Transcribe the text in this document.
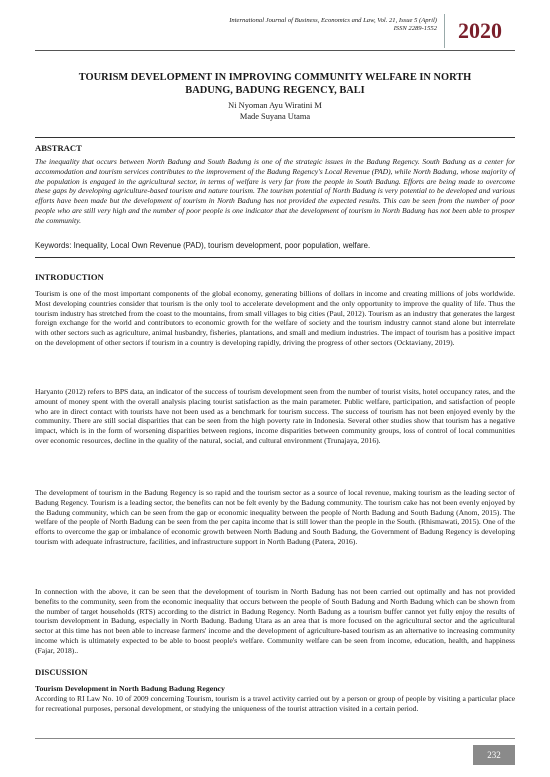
International Journal of Business, Economics and Law, Vol. 21, Issue 5 (April)
ISSN 2289-1552 2020
TOURISM DEVELOPMENT IN IMPROVING COMMUNITY WELFARE IN NORTH BADUNG, BADUNG REGENCY, BALI
Ni Nyoman Ayu Wiratini M
Made Suyana Utama
ABSTRACT
The inequality that occurs between North Badung and South Badung is one of the strategic issues in the Badung Regency. South Badung as a center for accommodation and tourism services contributes to the improvement of the Badung Regency's Local Revenue (PAD), while North Badung, whose majority of the population is engaged in the agricultural sector, in terms of welfare is very far from the people in South Badung. Efforts are being made to overcome these gaps by developing agriculture-based tourism and nature tourism. The tourism potential of North Badung is very potential to be developed and various efforts have been made but the development of tourism in North Badung has not provided the expected results. This can be seen from the number of poor people who are still very high and the number of poor people is one indicator that the development of tourism in North Badung has not been able to prosper the community.
Keywords: Inequality, Local Own Revenue (PAD), tourism development, poor population, welfare.
INTRODUCTION
Tourism is one of the most important components of the global economy, generating billions of dollars in income and creating millions of jobs worldwide. Most developing countries consider that tourism is the only tool to accelerate development and the only opportunity to improve the quality of life. Thus the tourism industry has stretched from the coast to the mountains, from small villages to big cities (Paul, 2012). Tourism as an industry that generates the largest foreign exchange for the world and contributors to economic growth for the welfare of society and the tourism industry cannot stand alone but interrelate with other sectors such as agriculture, animal husbandry, fisheries, plantations, and small and medium industries. The impact of tourism has a positive impact on the development of other sectors if tourism in a country is developing rapidly, driving the progress of other sectors (Ocktaviany, 2019).
Haryanto (2012) refers to BPS data, an indicator of the success of tourism development seen from the number of tourist visits, hotel occupancy rates, and the amount of money spent with the overall analysis placing tourist satisfaction as the main parameter. Public welfare, participation, and satisfaction of people who are in direct contact with tourists have not been used as a benchmark for tourism success. The success of tourism has not been enjoyed evenly by the community. There are still social disparities that can be seen from the high poverty rate in Indonesia. Several other studies show that tourism has a negative impact, which is in the form of worsening disparities between regions, income disparities between community groups, loss of control of local communities over economic resources, decline in the quality of the natural, social, and cultural environment (Trunajaya, 2016).
The development of tourism in the Badung Regency is so rapid and the tourism sector as a source of local revenue, making tourism as the leading sector of Badung Regency. Tourism is a leading sector, the benefits can not be felt evenly by the Badung community. The tourism cake has not been evenly enjoyed by the Badung community, which can be seen from the gap or economic inequality between the people of North Badung and South Badung (Anom, 2015). The welfare of the people of North Badung can be seen from the per capita income that is still lower than the people in the South. (Rhismawati, 2015). One of the efforts to overcome the gap or imbalance of economic growth between North Badung and South Badung, the Government of Badung Regency is developing tourism with adequate infrastructure, facilities, and infrastructure support in North Badung (Patera, 2016).
In connection with the above, it can be seen that the development of tourism in North Badung has not been carried out optimally and has not provided benefits to the community, seen from the economic inequality that occurs between the people of South Badung and North Badung which can be shown from the number of target households (RTS) according to the district in Badung Regency. North Badung as a tourism buffer cannot yet fully enjoy the results of tourism development in Badung, especially in North Badung. Badung Utara as an area that is more focused on the agricultural sector and the agricultural sector at this time has not been able to increase farmers' income and the development of agriculture-based tourism as an alternative to increasing community income which is ultimately expected to be able to boost people's welfare. Community welfare can be seen from income, education, health, and happiness (Fajar, 2018)..
DISCUSSION
Tourism Development in North Badung Badung Regency
According to RI Law No. 10 of 2009 concerning Tourism, tourism is a travel activity carried out by a person or group of people by visiting a particular place for recreational purposes, personal development, or studying the uniqueness of the tourist attraction visited in a certain period.
232
